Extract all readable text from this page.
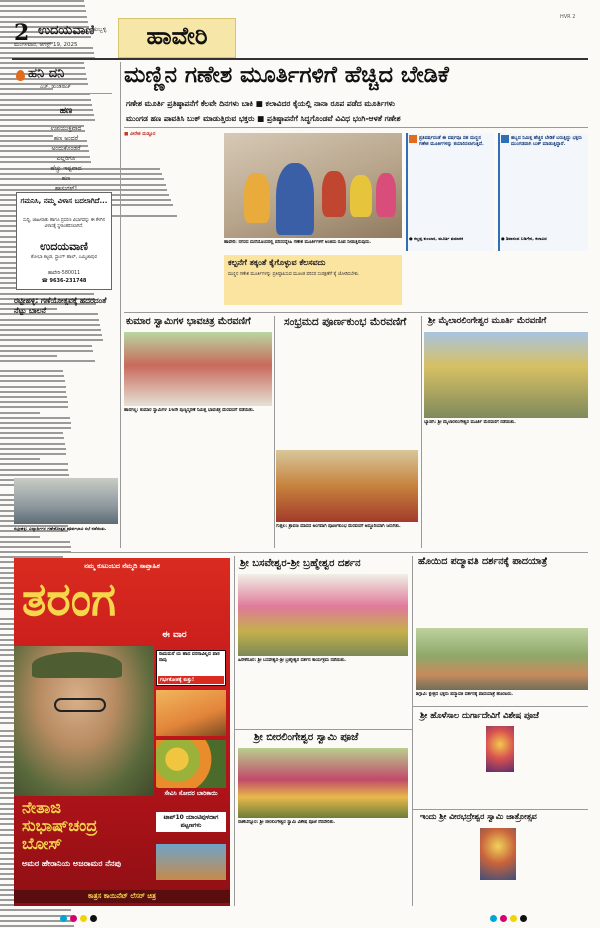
2 ಉದಯವಾಣಿ
ಹುಬ್ಬಳ್ಳಿ
ಮಂಗಳವಾರ, ಆಗಸ್ಟ್ 19, 2025	ಹಾವೇರಿ
HVR 2
ಹನಿ ದನಿ
ಎಚ್. ಡುಂಡಿರಾಜ್
ಹಣ
ಉಪಯುಕ್ತವಾದ
ಹಣ ಅಂದರೆ
ಅಂದುಕೊಂಡರೆ
ಎಲ್ಲರಿಗೂ
ಹೆಚ್ಚು ಇಷ್ಟವಾದ
ಹಣ
ಹಾಸುಗಳ್!
ಗಮನಿಸಿ, ನಮ್ಮ ವಿಳಾಸ ಬದಲಾಗಿದೆ...
ಸುದ್ದಿ, ಜಾಹೀರಾತು ಹಾಗೂ ಪ್ರಸರಣ ವಿಭಾಗವನ್ನು ಈ ಕೆಳಗಿನ ವಿಳಾಸಕ್ಕೆ ಸ್ಥಳಾಂತರಿಸಲಾಗಿದೆ.
ಉದಯವಾಣಿ
ಶೋಭಾ ಕಟ್ಟಡ, ಸ್ಟ್ರಾಂಗ್ ಹಾಲ್, ಎಮ್ಮಿಜಾಪುರ
ಹಾವೇರಿ-580011
☎ 9636-231748
ಮಣ್ಣಿನ ಗಣೇಶ ಮೂರ್ತಿಗಳಿಗೆ ಹೆಚ್ಚಿದ ಬೇಡಿಕೆ
ಗಣೇಶ ಮೂರ್ತಿ ಪ್ರತಿಷ್ಠಾಪನೆಗೆ ಕೆಲವೇ ದಿನಗಳು ಬಾಕಿ ■ ಕಲಾವಿದರ ಕೈಯಲ್ಲಿ ನಾನಾ ರೂಪ ಪಡೆದ ಮೂರ್ತಿಗಳು
ಮುಂಗಡ ಹಣ ಪಾವತಿಸಿ ಬುಕ್ ಮಾಡುತ್ತಿರುವ ಭಕ್ತರು ■ ಪ್ರತಿಷ್ಠಾಪನೆಗೆ ಸಿದ್ಧಗೊಂಡವೆ ವಿವಿಧ ಭಂಗಿ-ಆಳತೆ ಗಣೇಶ
■ ವೀರೇಶ ಮಡ್ಲೂರ
ಹಾವೇರಿ: ನಗರದ ಮನೆಯೊಂದರಲ್ಲಿ ಪರಿಸರಸ್ನೇಹಿ ಗಣೇಶ ಮೂರ್ತಿಗಳಿಗೆ ಅಂತಿಮ ರೂಪ ನೀಡುತ್ತಿರುವುದು.
ಪ್ರತಿವರ್ಷದಂತೆ ಈ ವರ್ಷವೂ ಸಹ ಮಣ್ಣಿನ ಗಣೇಶ ಮೂರ್ತಿಗಳನ್ನು ತಯಾರಿಸಲಾಗುತ್ತಿದೆ.
● ಕಲ್ಲಪ್ಪ ಕುಂಬಾರ, ಮೂರ್ತಿ ತಯಾರಕ
ಹಬ್ಬದ ನಿಮಿತ್ತ ಹೆಚ್ಚಿನ ಬೇಡಿಕೆ ಬರುತ್ತಿದ್ದು ಭಕ್ತರು ಮುಂಗಡವಾಗಿ ಬುಕ್ ಮಾಡುತ್ತಿದ್ದಾರೆ.
● ಶಿವಾನಂದ ಬಡಿಗೇರ, ಕಲಾವಿದ
ಕಲ್ಪನೆಗೆ ತಕ್ಕಂತೆ ಕೈಗೊಳ್ಳುವ ಕೆಲಸವದು
ಮಣ್ಣಿನ ಗಣೇಶ ಮೂರ್ತಿಗಳನ್ನು ಪ್ರತಿಷ್ಠಾಪಿಸುವ ಮೂಲಕ ಪರಿಸರ ಸಂರಕ್ಷಣೆಗೆ ಕೈ ಜೋಡಿಸಬೇಕು.
ರಟ್ಟೀಹಳ್ಳಿ: ಗಣೆಯೋತ್ಸವಕ್ಕೆ ಹದರದಂತೆ ನೆಟ್ಟು ಬಾಲನೆ
ರಟ್ಟೀಹಳ್ಳಿ: ವಿದ್ಯಾರ್ಥಿಗಳ ಗಣೇಶೋತ್ಸವ ಪೂರ್ವಭಾವಿ ಸಭೆ ನಡೆಯಿತು.
ಕುಮಾರ ಸ್ವಾಮಿಗಳ ಭಾವಚಿತ್ರ ಮೆರವಣಿಗೆ
ಹಾನಗಲ್ಲ: ಕುಮಾರ ಸ್ವಾಮಿಗಳ 16ನೇ ಪುಣ್ಯಸ್ಮರಣೆ ನಿಮಿತ್ತ ಭಾವಚಿತ್ರ ಮೆರವಣಿಗೆ ನಡೆಯಿತು.
ಸಂಭ್ರಮದ ಪೂರ್ಣಕುಂಭ ಮೆರವಣಿಗೆ
ಗುತ್ತಲ: ಶ್ರಾವಣ ಮಾಸದ ಅಂಗವಾಗಿ ಪೂರ್ಣಕುಂಭ ಮೆರವಣಿಗೆ ಅದ್ದೂರಿಯಾಗಿ ಜರುಗಿತು.
ಶ್ರೀ ಮೈಲಾರಲಿಂಗೇಶ್ವರ ಮೂರ್ತಿ ಮೆರವಣಿಗೆ
ಬ್ಯಾಡಗಿ: ಶ್ರೀ ಮೈಲಾರಲಿಂಗೇಶ್ವರ ಮೂರ್ತಿ ಮೆರವಣಿಗೆ ನಡೆಯಿತು.
ನಮ್ಮ ಕುಟುಂಬದ ನೆಮ್ಮದಿ ಸಾಪ್ತಾಹಿಕ
ತರಂಗ
ಈ ವಾರ
ರಾಮಮನೆ ಯ ಹಾದ ವರನಾವಿಲ್ಲದ ಪಾಠ ನಾವು
ಗಭ೯ಕೋಶಕ್ಕೆ ಕುತ್ತು!
ಸೇವಿಸಿ ಸೋದರ ಬಾರಿಕಾಯಿ
ನೇತಾಜಿ
ಸುಭಾಷ್‌ಚಂದ್ರ
ಬೋಸ್
ಅಮರ ಹೇರಾನಿಯ ಅಜರಾಮರ ನೆನಪು
ಟಾಪ್10 ಯಾಂಟಿಪುಳದಾಗ ಪಟ್ಟಣಗಳು
ಕಾತ್ರಸ ಕಾಯಿನೆಟ್ ಲೆಸರ್ ಚಿತ್ರ
ಶ್ರೀ ಬಸವೇಶ್ವರ-ಶ್ರೀ ಬ್ರಹ್ಮೇಶ್ವರ ದರ್ಶನ
ಹಿರೇಕೆರೂರ: ಶ್ರೀ ಬಸವೇಶ್ವರ-ಶ್ರೀ ಬ್ರಹ್ಮೇಶ್ವರ ದರ್ಶನ ಕಾರ್ಯಕ್ರಮ ನಡೆಯಿತು.
ಶ್ರೀ ಬೀರಲಿಂಗೇಶ್ವರ ಸ್ವಾಮಿ ಪೂಜೆ
ರಾಣೆಬೆನ್ನೂರ: ಶ್ರೀ ಬೀರಲಿಂಗೇಶ್ವರ ಸ್ವಾಮಿ ವಿಶೇಷ ಪೂಜೆ ನೆರವೇರಿತು.
ಹೊಯಿದ ಪದ್ಮಾವತಿ ದರ್ಶನಕ್ಕೆ ಪಾದಯಾತ್ರೆ
ಶಿಗ್ಗಾವಿ: ಕ್ಷೇತ್ರದ ಭಕ್ತರು ಪದ್ಮಾವತಿ ದರ್ಶನಕ್ಕೆ ಪಾದಯಾತ್ರೆ ಹೊರಟರು.
ಶ್ರೀ ಹೊಳೆಸಾಲ ದುರ್ಗಾದೇವಿಗೆ ವಿಶೇಷ ಪೂಜೆ
ಇಂದು ಶ್ರೀ ವೀರಭದ್ರೇಶ್ವರ ಸ್ವಾಮಿ ಜಾತ್ರೋತ್ಸವ
